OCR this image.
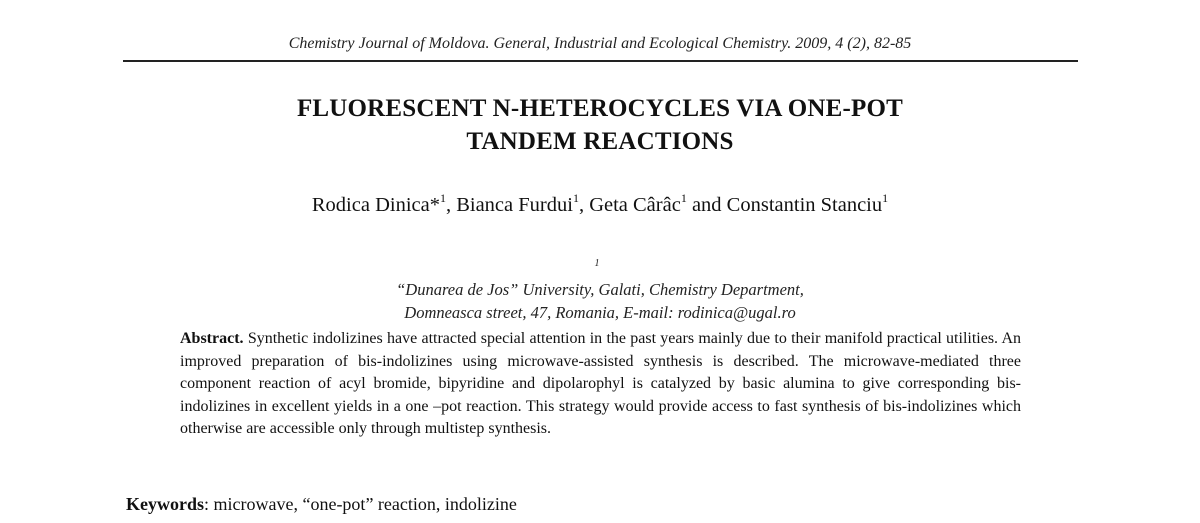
Chemistry Journal of Moldova. General, Industrial and Ecological Chemistry. 2009, 4 (2), 82-85
FLUORESCENT N-HETEROCYCLES VIA ONE-POT
TANDEM REACTIONS
Rodica Dinica*$^1$, Bianca Furdui$^1$, Geta Cârâc$^1$ and Constantin Stanciu$^1$
$^1$
“Dunarea de Jos” University, Galati, Chemistry Department,
Domneasca street, 47, Romania, E-mail: rodinica@ugal.ro
Abstract. Synthetic indolizines have attracted special attention in the past years mainly due to their manifold practical utilities. An improved preparation of bis-indolizines using microwave-assisted synthesis is described. The microwave-mediated three component reaction of acyl bromide, bipyridine and dipolarophyl is catalyzed by basic alumina to give corresponding bis-indolizines in excellent yields in a one –pot reaction. This strategy would provide access to fast synthesis of bis-indolizines which otherwise are accessible only through multistep synthesis.
Keywords: microwave, “one-pot” reaction, indolizine
